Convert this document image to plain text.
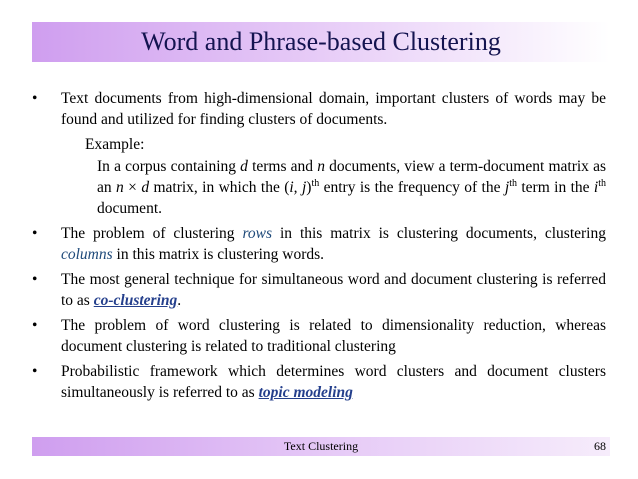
Word and Phrase-based Clustering
• Text documents from high-dimensional domain, important clusters of words may be found and utilized for finding clusters of documents.
Example:
In a corpus containing d terms and n documents, view a term-document matrix as an n × d matrix, in which the (i, j)$^{th}$ entry is the frequency of the $j^{th}$ term in the $i^{th}$ document.
• The problem of clustering rows in this matrix is clustering documents, clustering columns in this matrix is clustering words.
• The most general technique for simultaneous word and document clustering is referred to as co-clustering.
• The problem of word clustering is related to dimensionality reduction, whereas document clustering is related to traditional clustering
• Probabilistic framework which determines word clusters and document clusters simultaneously is referred to as topic modeling
Text Clustering	68
